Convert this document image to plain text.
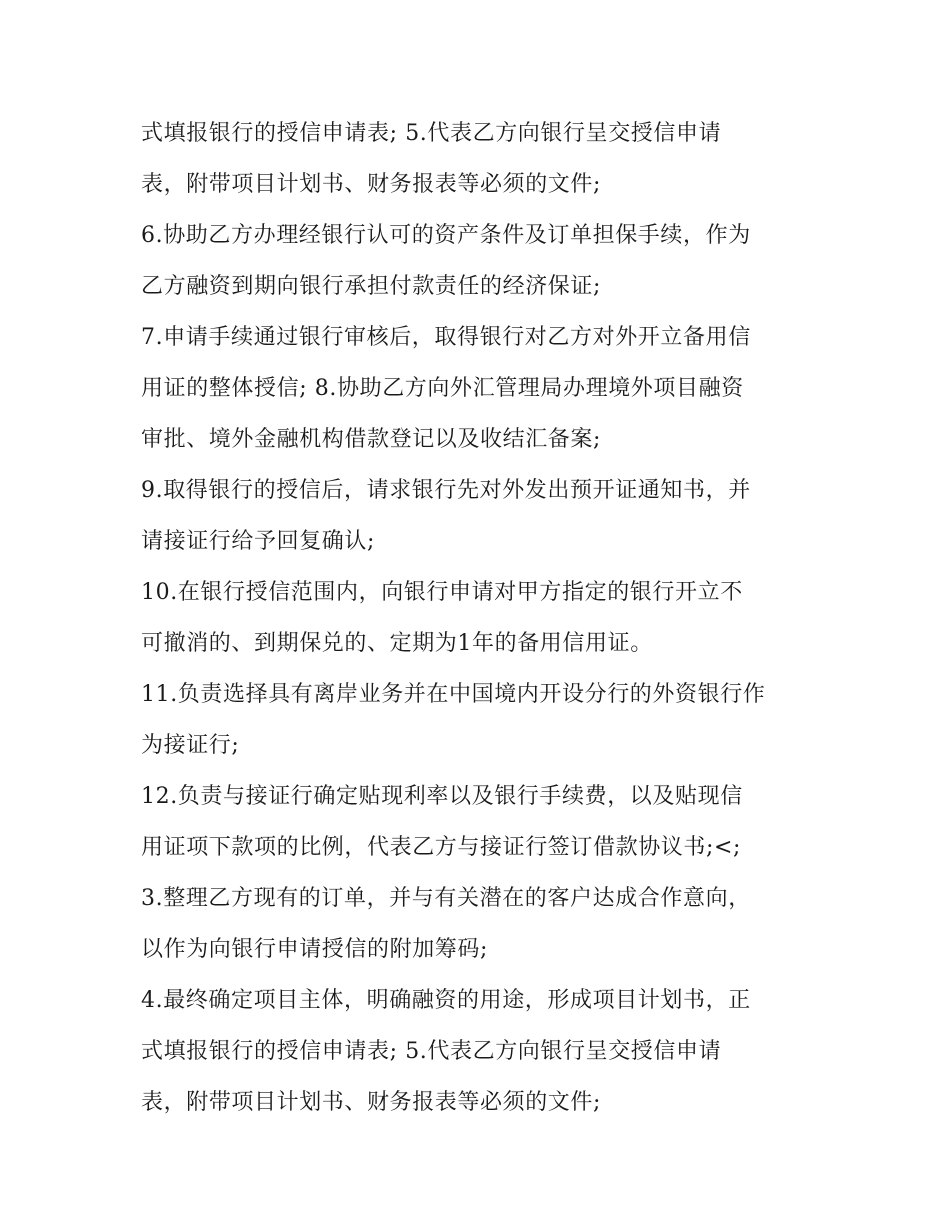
式填报银行的授信申请表; 5.代表乙方向银行呈交授信申请
表，附带项目计划书、财务报表等必须的文件;
6.协助乙方办理经银行认可的资产条件及订单担保手续，作为
乙方融资到期向银行承担付款责任的经济保证;
7.申请手续通过银行审核后，取得银行对乙方对外开立备用信
用证的整体授信; 8.协助乙方向外汇管理局办理境外项目融资
审批、境外金融机构借款登记以及收结汇备案;
9.取得银行的授信后，请求银行先对外发出预开证通知书，并
请接证行给予回复确认;
10.在银行授信范围内，向银行申请对甲方指定的银行开立不
可撤消的、到期保兑的、定期为1年的备用信用证。
11.负责选择具有离岸业务并在中国境内开设分行的外资银行作
为接证行;
12.负责与接证行确定贴现利率以及银行手续费，以及贴现信
用证项下款项的比例，代表乙方与接证行签订借款协议书;<;
3.整理乙方现有的订单，并与有关潜在的客户达成合作意向，
以作为向银行申请授信的附加筹码;
4.最终确定项目主体，明确融资的用途，形成项目计划书，正
式填报银行的授信申请表; 5.代表乙方向银行呈交授信申请
表，附带项目计划书、财务报表等必须的文件;
